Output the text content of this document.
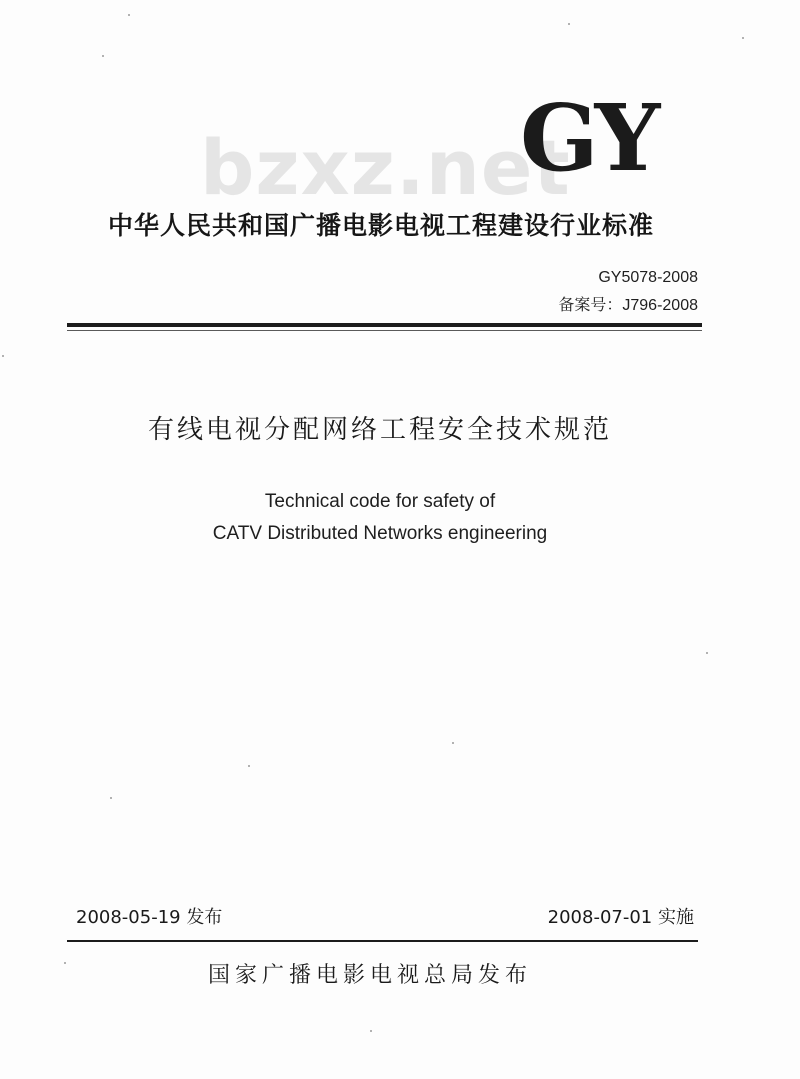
bzxz.net
GY
中华人民共和国广播电影电视工程建设行业标准
GY5078-2008
备案号：J796-2008
有线电视分配网络工程安全技术规范
Technical code for safety of
CATV Distributed Networks engineering
2008-05-19 发布	2008-07-01 实施
国家广播电影电视总局发布
